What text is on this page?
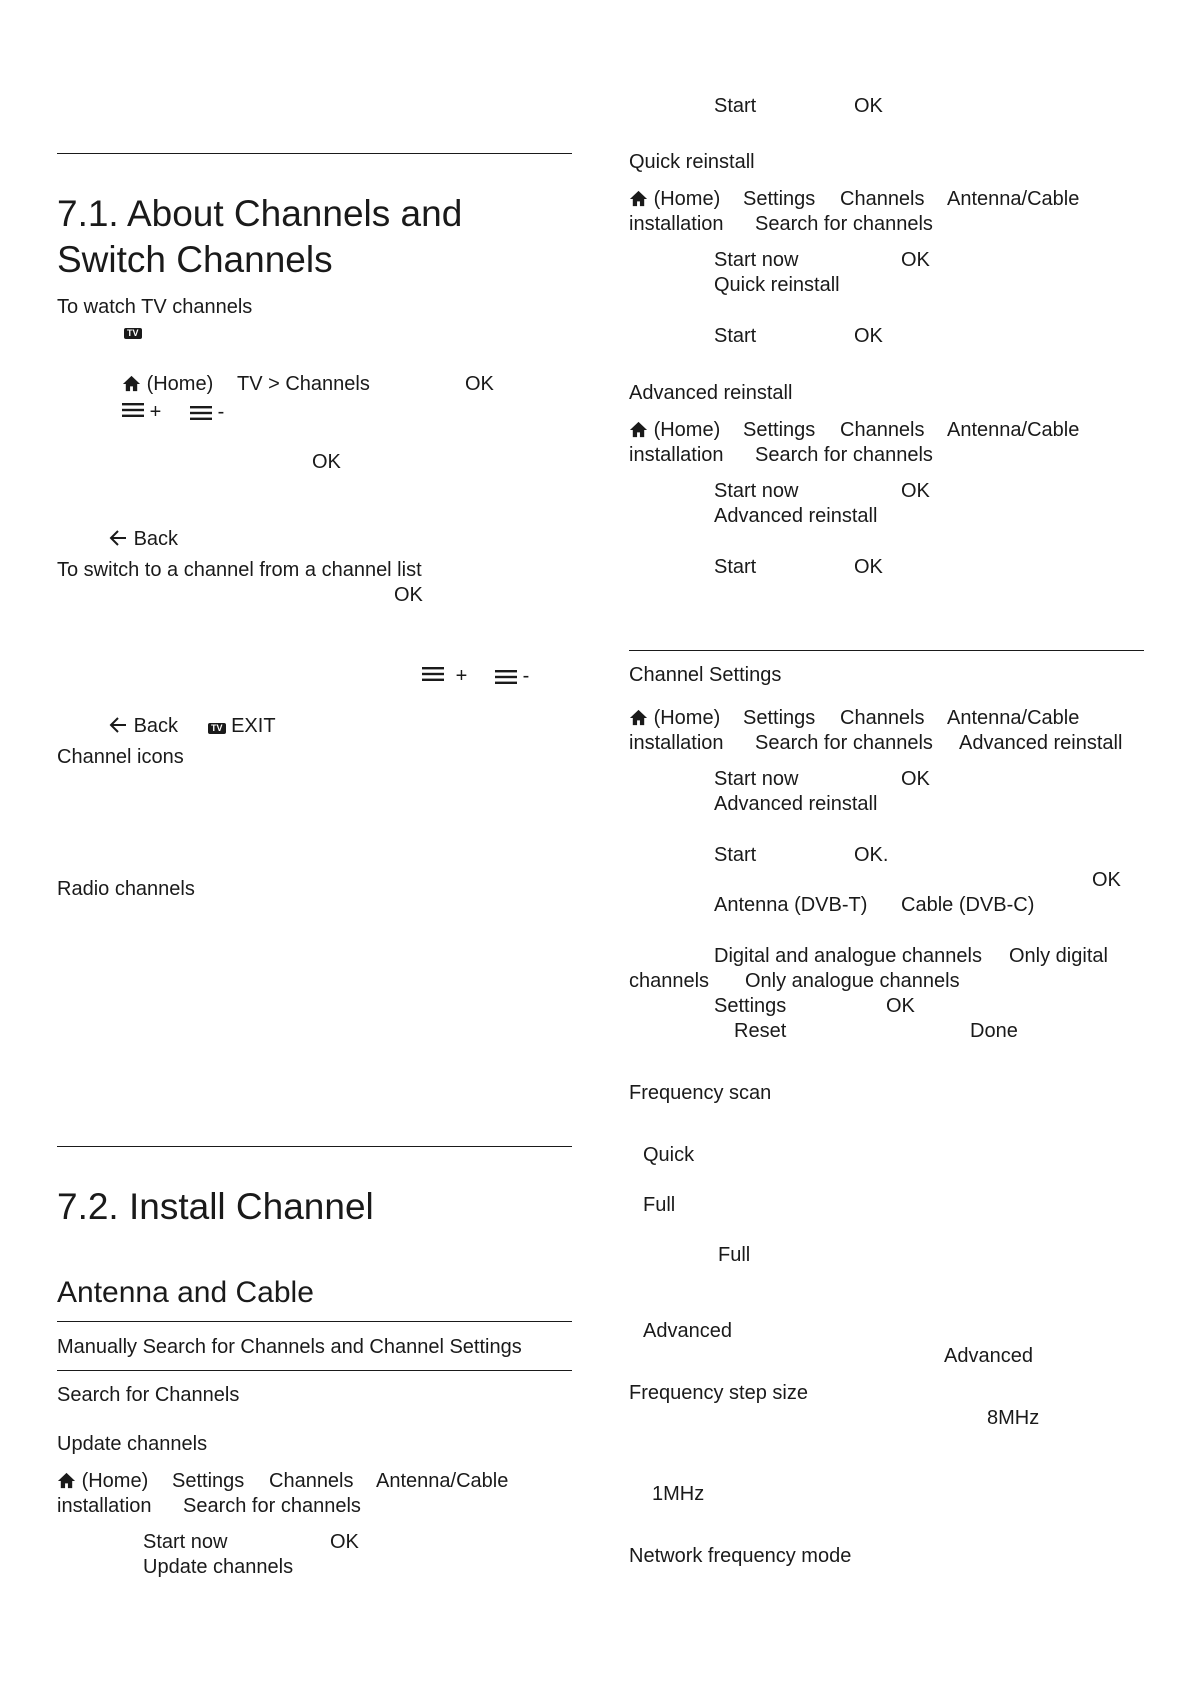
7.1. About Channels and
Switch Channels
To watch TV channels
TV
(Home) TV > Channels	OK
+	-
OK
Back
To switch to a channel from a channel list
OK
+	-
Back	TV EXIT
Channel icons
Radio channels
7.2. Install Channel
Antenna and Cable
Manually Search for Channels and Channel Settings
Search for Channels
Update channels
(Home) Settings Channels Antenna/Cable
installation Search for channels
Start now	OK
Update channels
Start	OK
Quick reinstall
(Home) Settings Channels Antenna/Cable
installation Search for channels
Start now	OK
Quick reinstall
Start	OK
Advanced reinstall
(Home) Settings Channels Antenna/Cable
installation Search for channels
Start now	OK
Advanced reinstall
Start	OK
Channel Settings
(Home) Settings Channels Antenna/Cable
installation Search for channels Advanced reinstall
Start now	OK
Advanced reinstall
Start	OK.
OK
Antenna (DVB-T) Cable (DVB-C)
Digital and analogue channels Only digital
channels Only analogue channels
Settings	OK
Reset	Done
Frequency scan
Quick
Full
Full
Advanced
Advanced
Frequency step size
8MHz
1MHz
Network frequency mode
